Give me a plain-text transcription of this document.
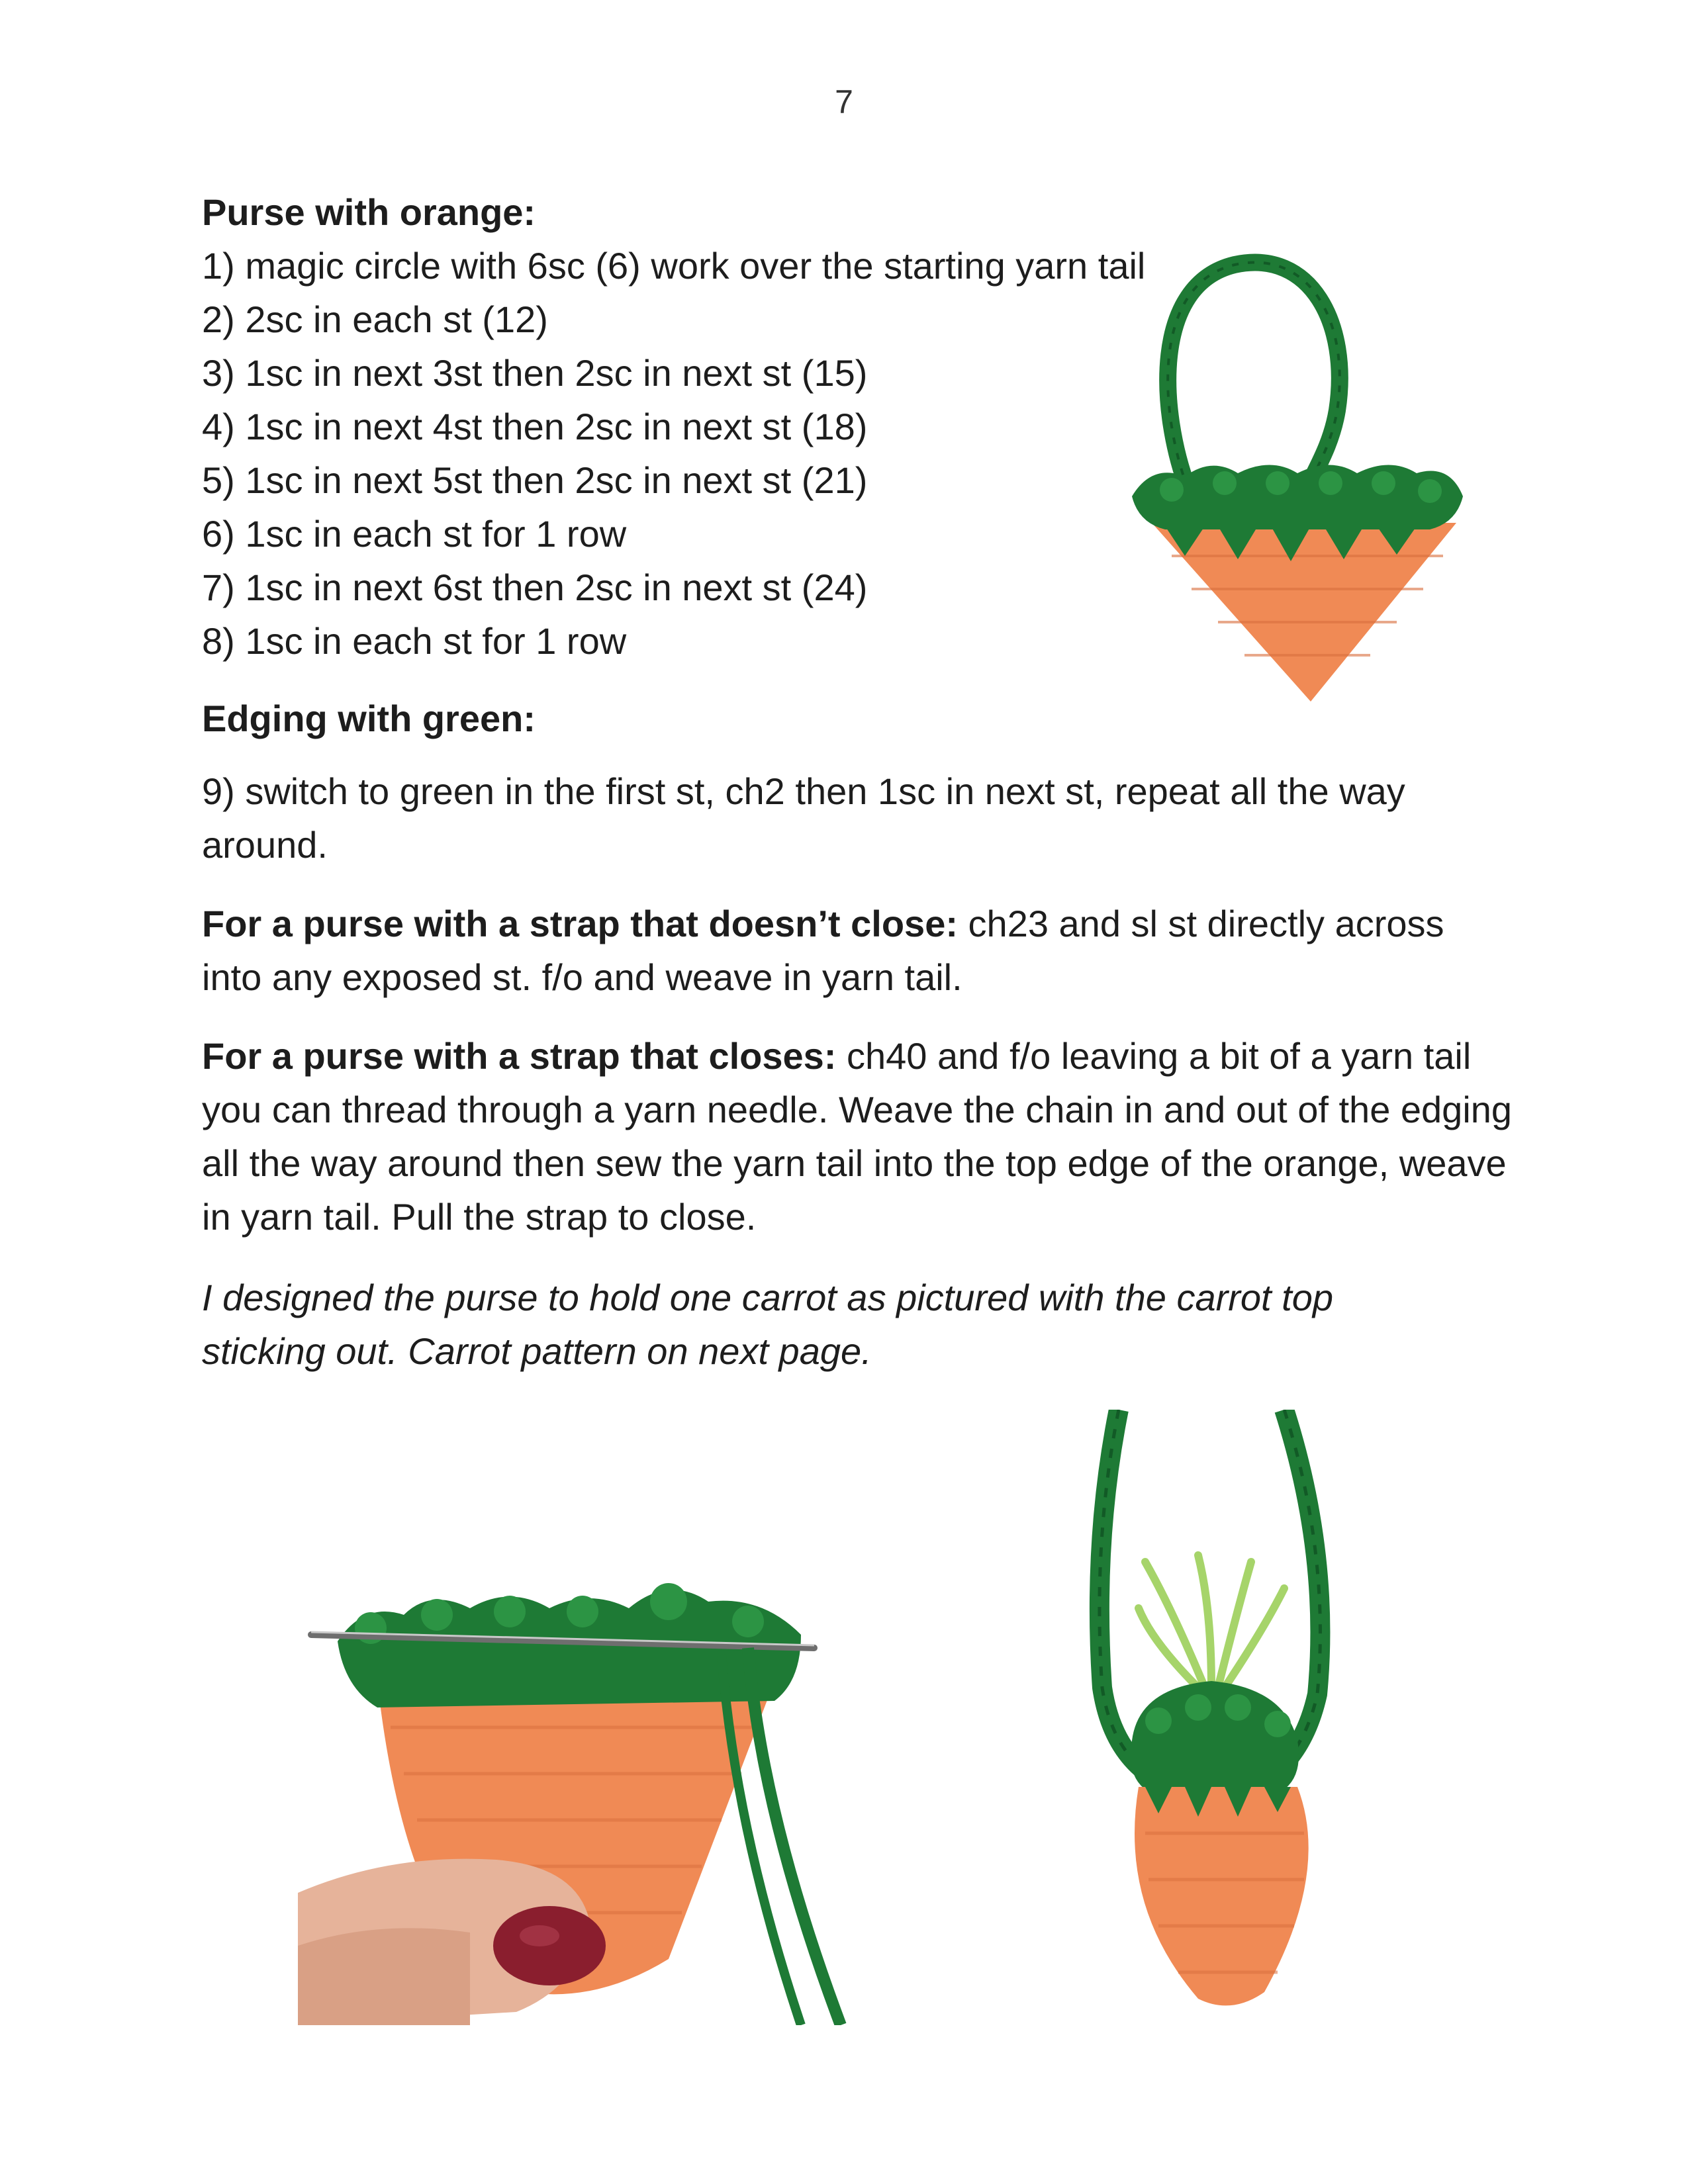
7
Purse with orange:
1) magic circle with 6sc (6) work over the starting yarn tail
2) 2sc in each st (12)
3) 1sc in next 3st then 2sc in next st (15)
4) 1sc in next 4st then 2sc in next st (18)
5) 1sc in next 5st then 2sc in next st (21)
6) 1sc in each st for 1 row
7) 1sc in next 6st then 2sc in next st (24)
8) 1sc in each st for 1 row
Edging with green:

9) switch to green in the first st, ch2 then 1sc in next st, repeat all the way around.

For a purse with a strap that doesn’t close: ch23 and sl st directly across into any exposed st. f/o and weave in yarn tail.

For a purse with a strap that closes: ch40 and f/o leaving a bit of a yarn tail you can thread through a yarn needle. Weave the chain in and out of the edging all the way around then sew the yarn tail into the top edge of the orange, weave in yarn tail. Pull the strap to close.

I designed the purse to hold one carrot as pictured with the carrot top sticking out. Carrot pattern on next page.
